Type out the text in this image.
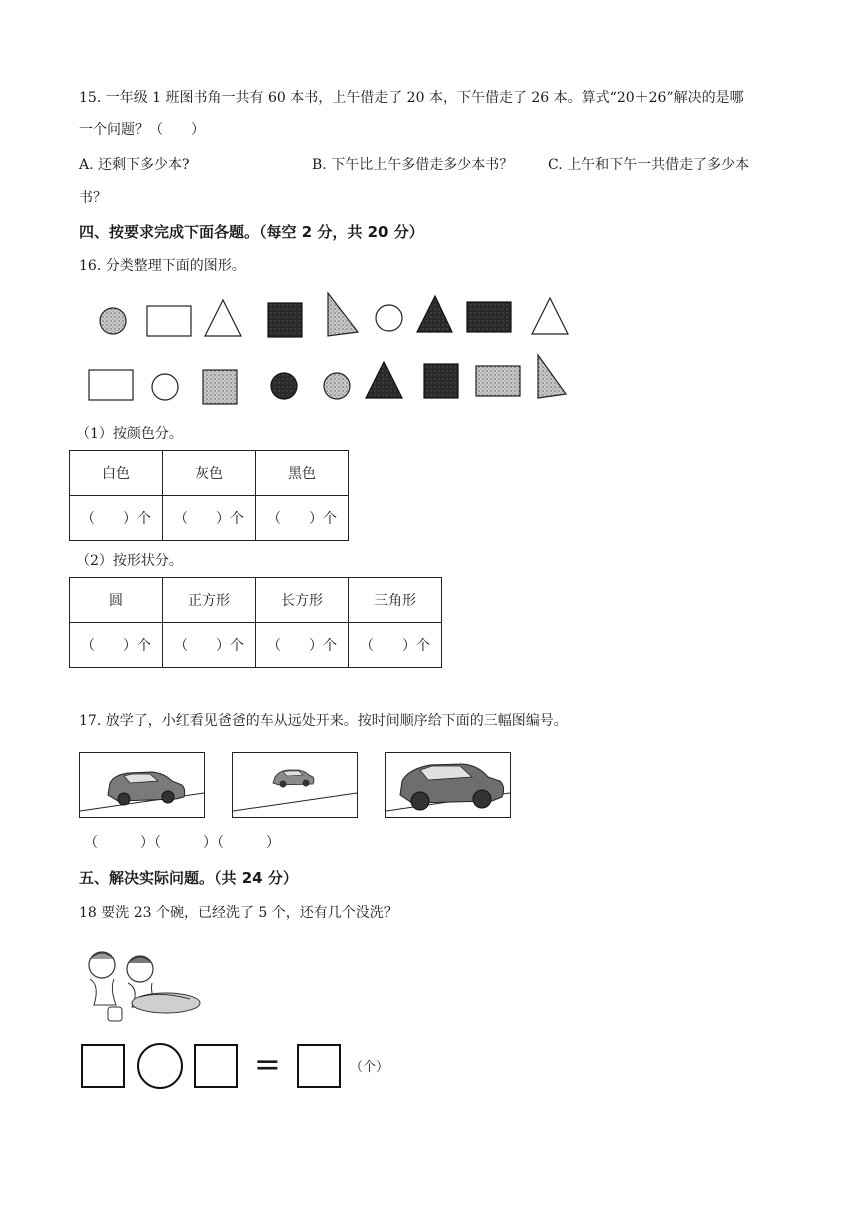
15. 一年级 1 班图书角一共有 60 本书，上午借走了 20 本，下午借走了 26 本。算式“20＋26”解决的是哪
一个问题？（　　）
A. 还剩下多少本?	B. 下午比上午多借走多少本书？ C. 上午和下午一共借走了多少本
书？
四、按要求完成下面各题。（每空 2 分，共 20 分）
16. 分类整理下面的图形。
（1）按颜色分。
白色	灰色	黑色
（　　）个	（　　）个	（　　）个
（2）按形状分。
圆	正方形	长方形	三角形
（　　）个	（　　）个	（　　）个	（　　）个
17. 放学了，小红看见爸爸的车从远处开来。按时间顺序给下面的三幅图编号。
（　　　）（　　　）（　　　）
五、解决实际问题。（共 24 分）
18 要洗 23 个碗，已经洗了 5 个，还有几个没洗？
=	（个）
